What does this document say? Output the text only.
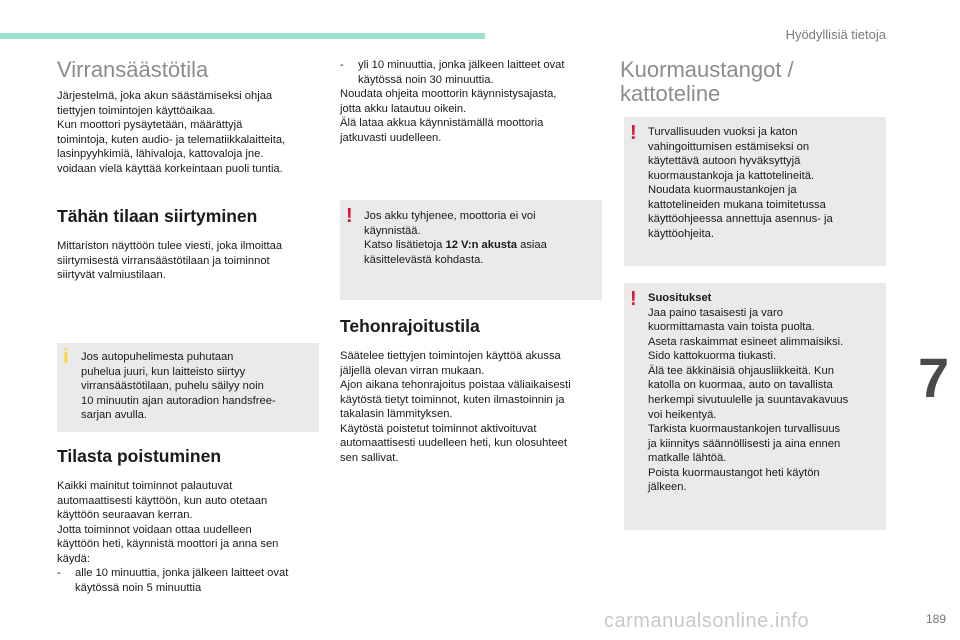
Hyödyllisiä tietoja
Virransäästötila

Järjestelmä, joka akun säästämiseksi ohjaa
tiettyjen toimintojen käyttöaikaa.
Kun moottori pysäytetään, määrättyjä
toimintoja, kuten audio- ja telematiikkalaitteita,
lasinpyyhkimiä, lähivaloja, kattovaloja jne.
voidaan vielä käyttää korkeintaan puoli tuntia.

Tähän tilaan siirtyminen

Mittariston näyttöön tulee viesti, joka ilmoittaa
siirtymisestä virransäästötilaan ja toiminnot
siirtyvät valmiustilaan.

i Jos autopuhelimesta puhutaan
puhelua juuri, kun laitteisto siirtyy
virransäästötilaan, puhelu säilyy noin
10 minuutin ajan autoradion handsfree-
sarjan avulla.

Tilasta poistuminen

Kaikki mainitut toiminnot palautuvat
automaattisesti käyttöön, kun auto otetaan
käyttöön seuraavan kerran.
Jotta toiminnot voidaan ottaa uudelleen
käyttöön heti, käynnistä moottori ja anna sen
käydä:

-	alle 10 minuuttia, jonka jälkeen laitteet ovat
käytössä noin 5 minuuttia

-	yli 10 minuuttia, jonka jälkeen laitteet ovat
käytössä noin 30 minuuttia.

Noudata ohjeita moottorin käynnistysajasta,
jotta akku latautuu oikein.
Älä lataa akkua käynnistämällä moottoria
jatkuvasti uudelleen.

! Jos akku tyhjenee, moottoria ei voi
käynnistää.

Katso lisätietoja 12 V:n akusta asiaa
käsittelevästä kohdasta.

Tehonrajoitustila

Säätelee tiettyjen toimintojen käyttöä akussa
jäljellä olevan virran mukaan.
Ajon aikana tehonrajoitus poistaa väliaikaisesti
käytöstä tietyt toiminnot, kuten ilmastoinnin ja
takalasin lämmityksen.
Käytöstä poistetut toiminnot aktivoituvat
automaattisesti uudelleen heti, kun olosuhteet
sen sallivat.

Kuormaustangot /
kattoteline
! Turvallisuuden vuoksi ja katon
vahingoittumisen estämiseksi on
käytettävä autoon hyväksyttyjä
kuormaustankoja ja kattotelineitä.
Noudata kuormaustankojen ja
kattotelineiden mukana toimitetussa
käyttöohjeessa annettuja asennus- ja
käyttöohjeita.

! Suositukset

Jaa paino tasaisesti ja varo
kuormittamasta vain toista puolta.
Aseta raskaimmat esineet alimmaisiksi.
Sido kattokuorma tiukasti.
Älä tee äkkinäisiä ohjausliikkeitä. Kun
katolla on kuormaa, auto on tavallista
herkempi sivutuulelle ja suuntavakavuus
voi heikentyä.
Tarkista kuormaustankojen turvallisuus
ja kiinnitys säännöllisesti ja aina ennen
matkalle lähtöä.
Poista kuormaustangot heti käytön
jälkeen.

7
carmanualsonline.info	189
